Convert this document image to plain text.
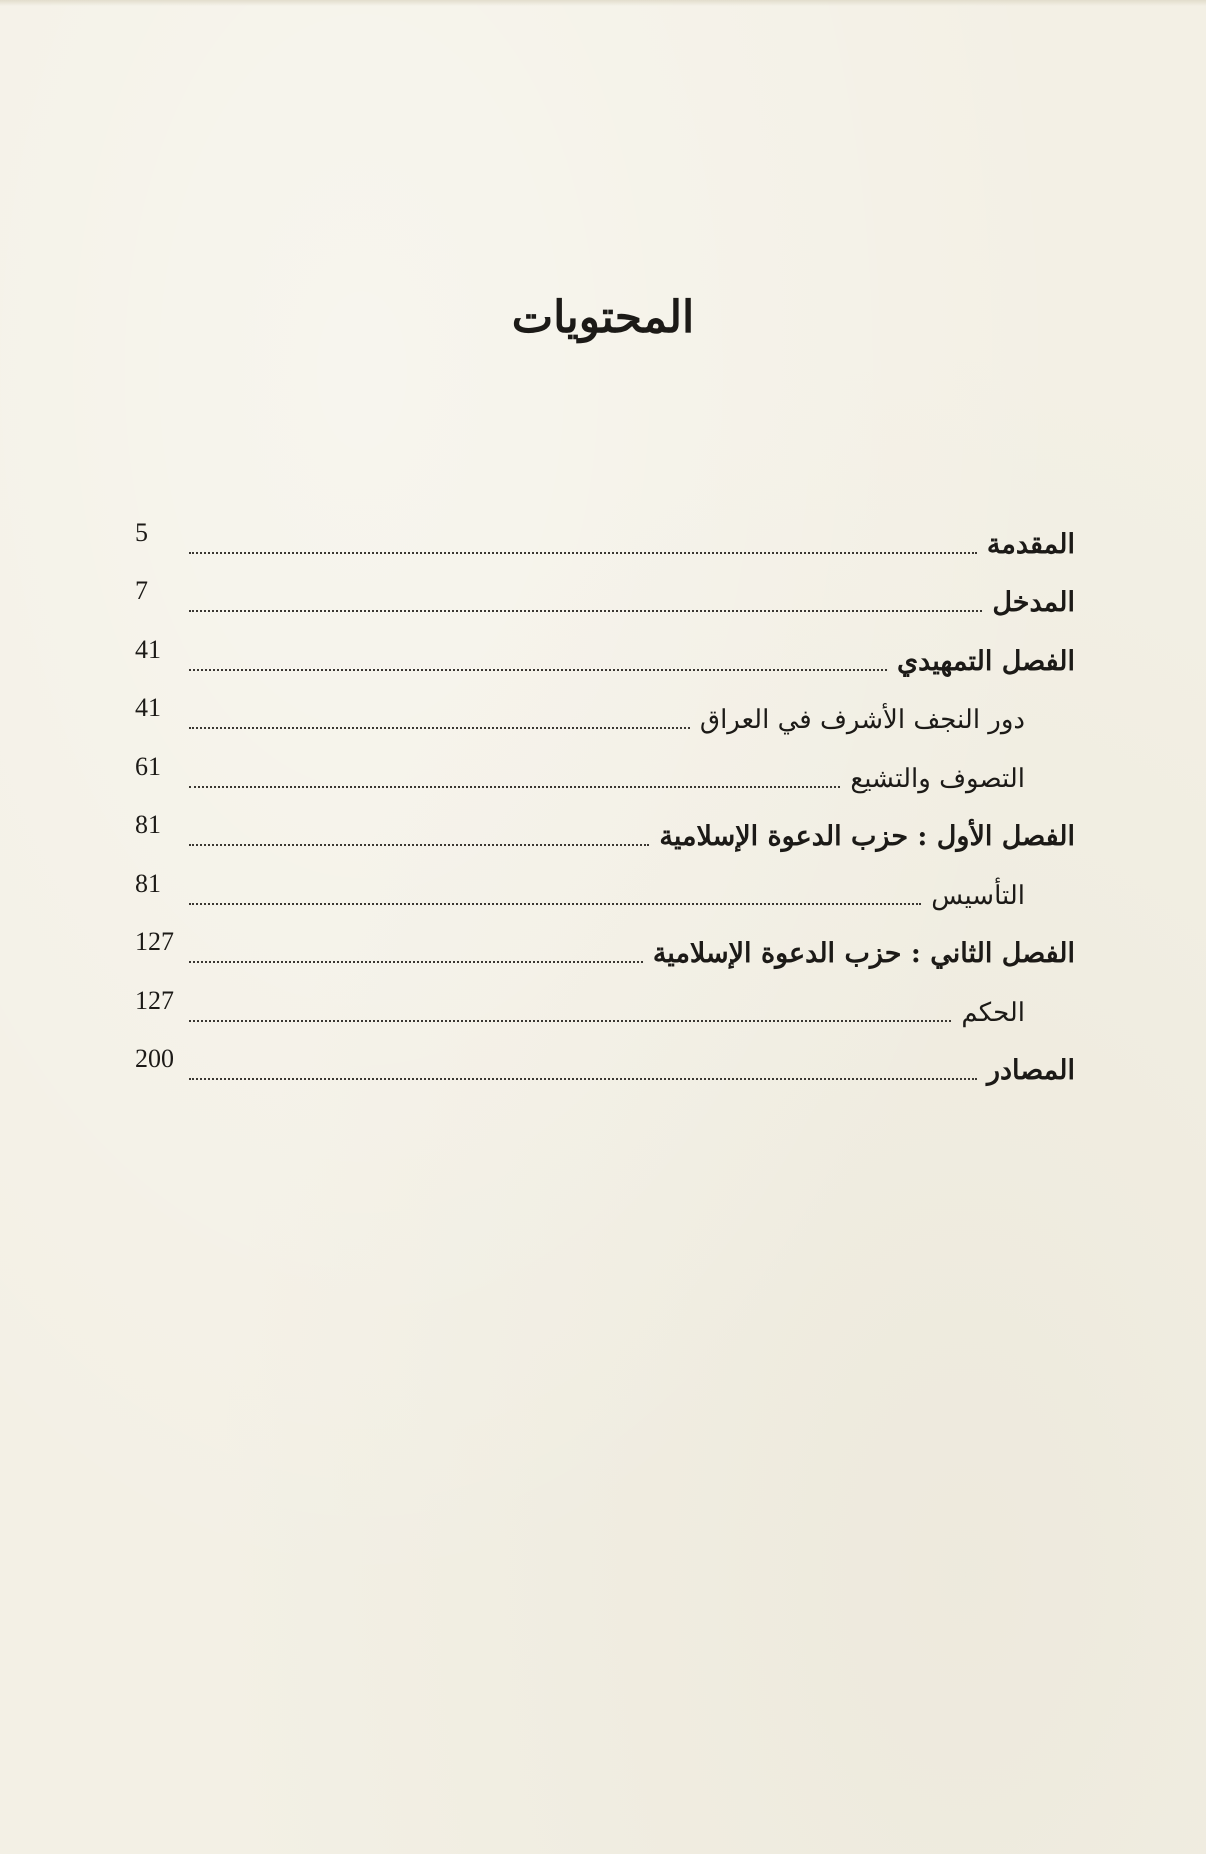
المحتويات
المقدمة
5
المدخل
7
الفصل التمهيدي
41
دور النجف الأشرف في العراق
41
التصوف والتشيع
61
الفصل الأول : حزب الدعوة الإسلامية
81
التأسيس
81
الفصل الثاني : حزب الدعوة الإسلامية
127
الحكم
127
المصادر
200
